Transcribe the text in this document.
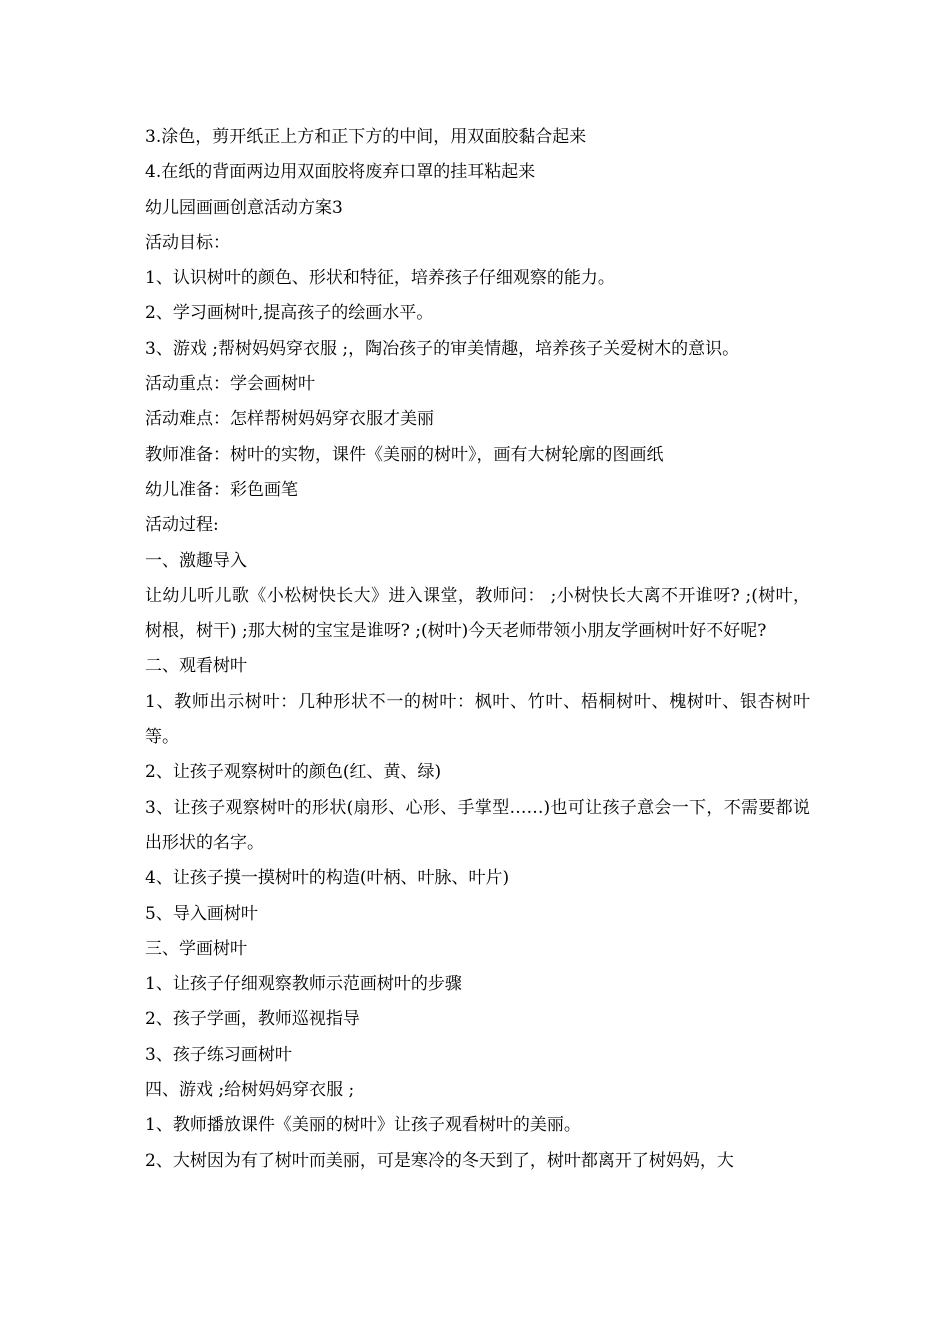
3.涂色，剪开纸正上方和正下方的中间，用双面胶黏合起来
4.在纸的背面两边用双面胶将废弃口罩的挂耳粘起来
幼儿园画画创意活动方案3
活动目标：
1、认识树叶的颜色、形状和特征，培养孩子仔细观察的能力。
2、学习画树叶,提高孩子的绘画水平。
3、游戏 ;帮树妈妈穿衣服 ;，陶冶孩子的审美情趣，培养孩子关爱树木的意识。
活动重点：学会画树叶
活动难点：怎样帮树妈妈穿衣服才美丽
教师准备：树叶的实物，课件《美丽的树叶》，画有大树轮廓的图画纸
幼儿准备：彩色画笔
活动过程:
一、激趣导入
让幼儿听儿歌《小松树快长大》进入课堂，教师问： ;小树快长大离不开谁呀? ;(树叶，树根，树干) ;那大树的宝宝是谁呀? ;(树叶)今天老师带领小朋友学画树叶好不好呢?
二、观看树叶
1、教师出示树叶：几种形状不一的树叶：枫叶、竹叶、梧桐树叶、槐树叶、银杏树叶等。
2、让孩子观察树叶的颜色(红、黄、绿)
3、让孩子观察树叶的形状(扇形、心形、手掌型……)也可让孩子意会一下，不需要都说出形状的名字。
4、让孩子摸一摸树叶的构造(叶柄、叶脉、叶片)
5、导入画树叶
三、学画树叶
1、让孩子仔细观察教师示范画树叶的步骤
2、孩子学画，教师巡视指导
3、孩子练习画树叶
四、游戏 ;给树妈妈穿衣服 ;
1、教师播放课件《美丽的树叶》让孩子观看树叶的美丽。
2、大树因为有了树叶而美丽，可是寒冷的冬天到了，树叶都离开了树妈妈，大
